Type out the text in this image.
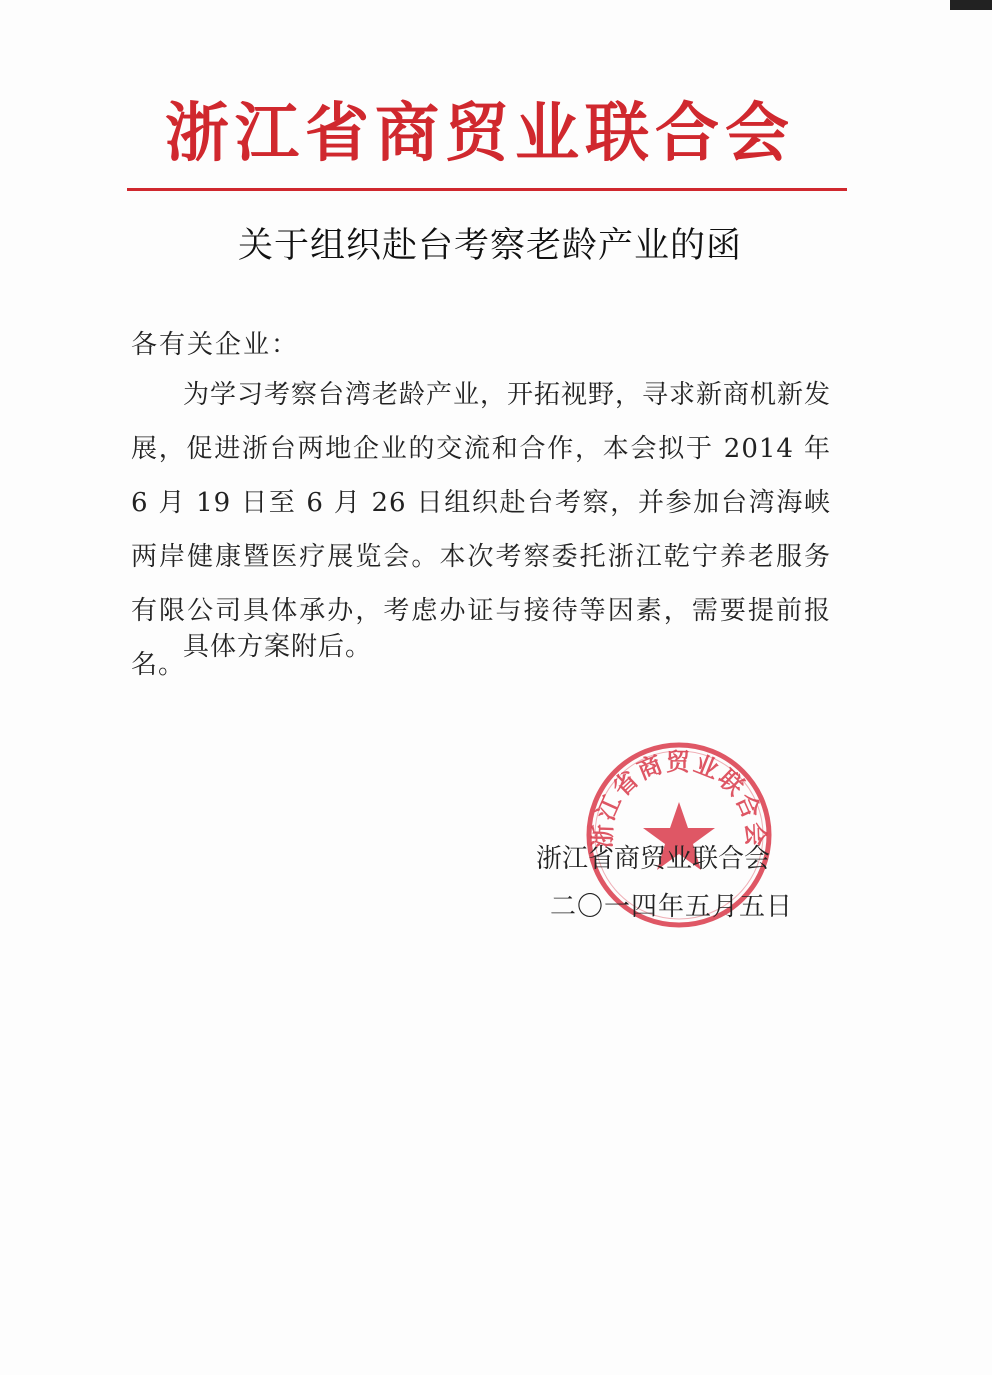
浙江省商贸业联合会
关于组织赴台考察老龄产业的函
各有关企业：
为学习考察台湾老龄产业，开拓视野，寻求新商机新发展，促进浙台两地企业的交流和合作，本会拟于 2014 年 6 月 19 日至 6 月 26 日组织赴台考察，并参加台湾海峡两岸健康暨医疗展览会。本次考察委托浙江乾宁养老服务有限公司具体承办，考虑办证与接待等因素，需要提前报名。
具体方案附后。
浙江省商贸业联合会
浙江省商贸业联合会
二〇一四年五月五日
